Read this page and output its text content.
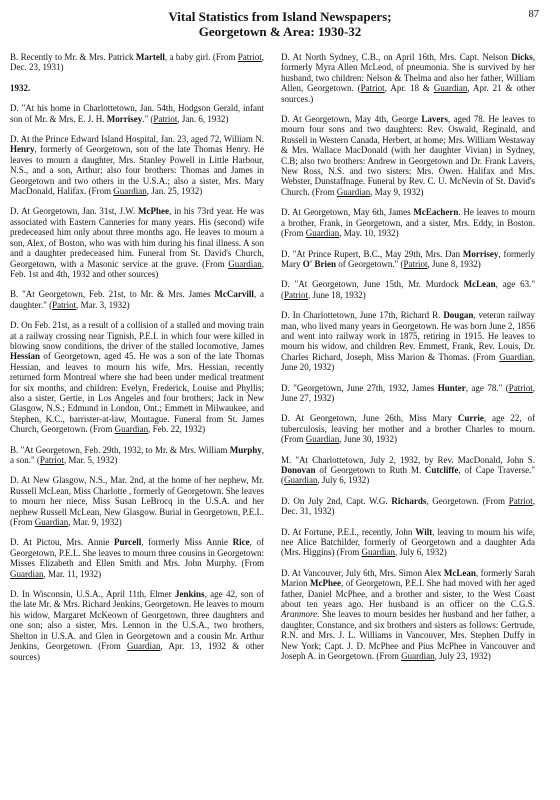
87
Vital Statistics from Island Newspapers;
Georgetown & Area: 1930-32
B. Recently to Mr. & Mrs. Patrick Martell, a baby girl. (From Patriot, Dec. 23, 1931)
1932.
D. "At his home in Charlottetown, Jan. 54th, Hodgson Gerald, infant son of Mr. & Mrs. E. J. H. Morrisey." (Patriot, Jan. 6, 1932)
D. At the Prince Edward Island Hospital, Jan. 23, aged 72, William N. Henry, formerly of Georgetown, son of the late Thomas Henry. He leaves to mourn a daughter, Mrs. Stanley Powell in Little Harbour, N.S., and a son, Arthur; also four brothers: Thomas and James in Georgetown and two others in the U.S.A.; also a sister, Mrs. Mary MacDonald, Halifax. (From Guardian, Jan. 25, 1932)
D. At Georgetown, Jan. 31st, J.W. McPhee, in his 73rd year. He was associated with Eastern Canneries for many years. His (second) wife predeceased him only about three months ago. He leaves to mourn a son, Alex, of Boston, who was with him during his final illness. A son and a daughter predeceased him. Funeral from St. David's Church, Georgetown, with a Masonic service at the grave. (From Guardian, Feb. 1st and 4th, 1932 and other sources)
B. "At Georgetown, Feb. 21st, to Mr. & Mrs. James McCarvill, a daughter." (Patriot, Mar. 3, 1932)
D. On Feb. 21st, as a result of a collision of a stalled and moving train at a railway crossing near Tignish, P.E.I. in which four were killed in blowing snow conditions, the driver of the stalled locomotive, James Hessian of Georgetown, aged 45. He was a son of the late Thomas Hessian, and leaves to mourn his wife, Mrs. Hessian, recently returned form Montreal where she had been under medical treatment for six months, and children: Evelyn, Frederick, Louise and Phyllis; also a sister, Gertie, in Los Angeles and four brothers; Jack in New Glasgow, N.S.; Edmund in London, Ont.; Emmett in Milwaukee, and Stephen, K.C., barrister-at-law, Montague. Funeral from St. James Church, Georgetown. (From Guardian, Feb. 22, 1932)
B. "At Georgetown, Feb. 29th, 1932, to Mr. & Mrs. William Murphy, a son." (Patriot, Mar. 5, 1932)
D. At New Glasgow, N.S., Mar. 2nd, at the home of her nephew, Mr. Russell McLean, Miss Charlotte , formerly of Georgetown. She leaves to mourn her niece, Miss Susan LeBrocq in the U.S.A. and her nephew Russell McLean, New Glasgow. Burial in Georgetown, P.E.I.. (From Guardian, Mar. 9, 1932)
D. At Pictou, Mrs. Annie Purcell, formerly Miss Annie Rice, of Georgetown, P.E.I.. She leaves to mourn three cousins in Georgetown: Misses Elizabeth and Ellen Smith and Mrs. John Murphy. (From Guardian, Mar. 11, 1932)
D. In Wisconsin, U.S.A., April 11th, Elmer Jenkins, age 42, son of the late Mr. & Mrs. Richard Jenkins, Georgetown. He leaves to mourn his widow, Margaret McKeown of Georgetown, three daughters and one son; also a sister, Mrs. Lennon in the U.S.A., two brothers, Shelton in U.S.A. and Glen in Georgetown and a cousin Mr. Arthur Jenkins, Georgetown. (From Guardian, Apr. 13, 1932 & other sources)
D. At North Sydney, C.B., on April 16th, Mrs. Capt. Nelson Dicks, formerly Myra Allen McLeod, of pneumonia. She is survived by her husband, two children: Nelson & Thelma and also her father, William Allen, Georgetown. (Patriot, Apr. 18 & Guardian, Apr. 21 & other sources.)
D. At Georgetown, May 4th, George Lavers, aged 78. He leaves to mourn four sons and two daughters: Rev. Oswald, Reginald, and Russell in Western Canada, Herbert, at home; Mrs. William Westaway & Mrs. Wallace MacDonald (with her daughter Vivian) in Sydney, C.B; also two brothers: Andrew in Georgetown and Dr. Frank Lavers, New Ross, N.S. and two sisters: Mrs. Owen. Halifax and Mrs. Webster, Dunstaffnage. Funeral by Rev. C. U. McNevin of St. David's Church. (From Guardian, May 9, 1932)
D. At Georgetown, May 6th, James McEachern. He leaves to mourn a brother, Frank, in Georgetown, and a sister, Mrs. Eddy, in Boston. (From Guardian, May. 10, 1932)
D. "At Prince Rupert, B.C., May 29th, Mrs. Dan Morrisey, formerly Mary O' Brien of Georgetown." (Patriot, June 8, 1932)
D. "At Georgetown, June 15th, Mr. Murdock McLean, age 63." (Patriot, June 18, 1932)
D. In Charlottetown, June 17th, Richard R. Dougan, veteran railway man, who lived many years in Georgetown. He was born June 2, 1856 and went into railway work in 1875, retiring in 1915. He leaves to mourn his widow, and children Rev. Emmett, Frank, Rev. Louis, Dr. Charles Richard, Joseph, Miss Marion & Thomas. (From Guardian, June 20, 1932)
D. "Georgetown, June 27th, 1932, James Hunter, age 78." (Patriot, June 27, 1932)
D. At Georgetown, June 26th, Miss Mary Currie, age 22, of tuberculosis, leaving her mother and a brother Charles to mourn. (From Guardian, June 30, 1932)
M. "At Charlottetown, July 2, 1932, by Rev. MacDonald, John S. Donovan of Georgetown to Ruth M. Cutcliffe, of Cape Traverse." (Guardian, July 6, 1932)
D. On July 2nd, Capt. W.G. Richards, Georgetown. (From Patriot, Dec. 31, 1932)
D. At Fortune, P.E.I., recently, John Wilt, leaving to mourn his wife, nee Alice Batchilder, formerly of Georgetown and a daughter Ada (Mrs. Higgins) (From Guardian, July 6, 1932)
D. At Vancouver, July 6th, Mrs. Simon Alex McLean, formerly Sarah Marion McPhee, of Georgetown, P.E.I. She had moved with her aged father, Daniel McPhee, and a brother and sister, to the West Coast about ten years ago. Her husband is an officer on the C.G.S. Aranmore. She leaves to mourn besides her husband and her father, a daughter, Constance, and six brothers and sisters as follows: Gertrude, R.N. and Mrs. J. L. Williams in Vancouver, Mrs. Stephen Duffy in New York; Capt. J. D. McPhee and Pius McPhee in Vancouver and Joseph A. in Georgetown. (From Guardian, July 23, 1932)
